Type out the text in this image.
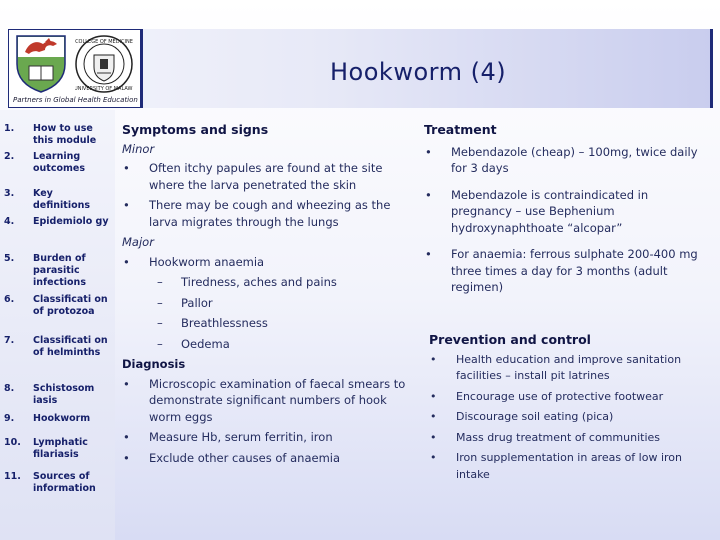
COLLEGE OF MEDICINE
UNIVERSITY OF MALAWI
Partners in Global Health Education
Hookworm (4)
1.	How to use this module
2.	Learning outcomes
3.	Key definitions
4.	Epidemiolo gy
5.	Burden of parasitic infections
6.	Classificati on of protozoa
7.	Classificati on of helminths
8.	Schistosom iasis
9.	Hookworm
10.	Lymphatic filariasis
11.	Sources of information
Symptoms and signs
Minor
• Often itchy papules are found at the site where the larva penetrated the skin
• There may be cough and wheezing as the larva migrates through the lungs
Major
• Hookworm anaemia
– Tiredness, aches and pains
– Pallor
– Breathlessness
– Oedema
Diagnosis
• Microscopic examination of faecal smears to demonstrate significant numbers of hook worm eggs
• Measure Hb, serum ferritin, iron
• Exclude other causes of anaemia
Treatment
• Mebendazole (cheap) – 100mg, twice daily for 3 days
• Mebendazole is contraindicated in pregnancy – use Bephenium hydroxynaphthoate “alcopar”
• For anaemia: ferrous sulphate 200-400 mg three times a day for 3 months (adult regimen)
Prevention and control
• Health education and improve sanitation facilities – install pit latrines
• Encourage use of protective footwear
• Discourage soil eating (pica)
• Mass drug treatment of communities
• Iron supplementation in areas of low iron intake
